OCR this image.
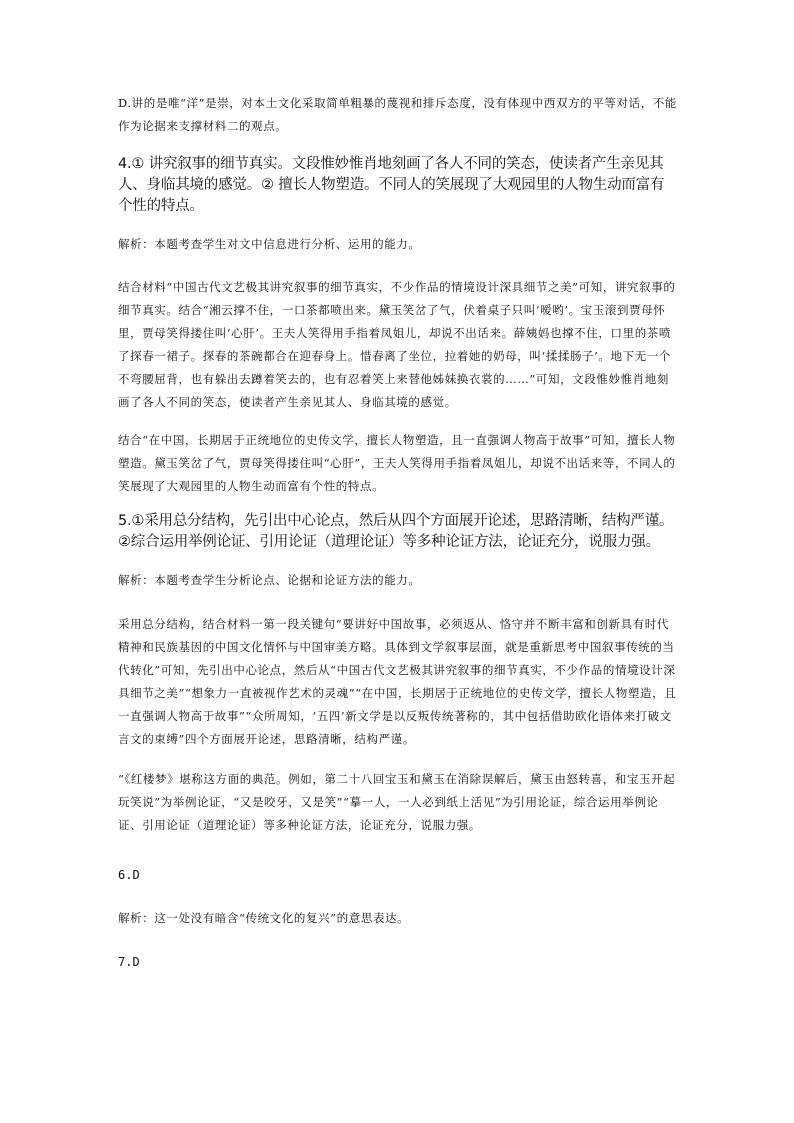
D.讲的是唯“洋”是崇，对本土文化采取简单粗暴的蔑视和排斥态度，没有体现中西双方的平等对话，不能作为论据来支撑材料二的观点。

4.① 讲究叙事的细节真实。文段惟妙惟肖地刻画了各人不同的笑态，使读者产生亲见其人、身临其境的感觉。② 擅长人物塑造。不同人的笑展现了大观园里的人物生动而富有个性的特点。

解析：本题考查学生对文中信息进行分析、运用的能力。

结合材料“中国古代文艺极其讲究叙事的细节真实，不少作品的情境设计深具细节之美”可知，讲究叙事的细节真实。结合“湘云撑不住，一口茶都喷出来。黛玉笑岔了气，伏着桌子只叫‘嗳哟’。宝玉滚到贾母怀里，贾母笑得搂住叫‘心肝’。王夫人笑得用手指着凤姐儿，却说不出话来。薛姨妈也撑不住，口里的茶喷了探春一裙子。探春的茶碗都合在迎春身上。惜春离了坐位，拉着她的奶母，叫‘揉揉肠子’。地下无一个不弯腰屈背，也有躲出去蹲着笑去的，也有忍着笑上来替他姊妹换衣裳的……”可知，文段惟妙惟肖地刻画了各人不同的笑态，使读者产生亲见其人、身临其境的感觉。

结合“在中国，长期居于正统地位的史传文学，擅长人物塑造，且一直强调人物高于故事”可知，擅长人物塑造。黛玉笑岔了气，贾母笑得搂住叫“心肝”，王夫人笑得用手指着凤姐儿，却说不出话来等，不同人的笑展现了大观园里的人物生动而富有个性的特点。

5.①采用总分结构，先引出中心论点，然后从四个方面展开论述，思路清晰，结构严谨。②综合运用举例论证、引用论证（道理论证）等多种论证方法，论证充分，说服力强。

解析：本题考查学生分析论点、论据和论证方法的能力。

采用总分结构，结合材料一第一段关键句“要讲好中国故事，必须返从、恪守并不断丰富和创新具有时代精神和民族基因的中国文化情怀与中国审美方略。具体到文学叙事层面，就是重新思考中国叙事传统的当代转化”可知，先引出中心论点，然后从“中国古代文艺极其讲究叙事的细节真实，不少作品的情境设计深具细节之美”“想象力一直被视作艺术的灵魂”“在中国，长期居于正统地位的史传文学，擅长人物塑造，且一直强调人物高于故事”“众所周知，‘五四’新文学是以反叛传统著称的，其中包括借助欧化语体来打破文言文的束缚”四个方面展开论述，思路清晰，结构严谨。

“《红楼梦》堪称这方面的典范。例如，第二十八回宝玉和黛玉在消除误解后，黛玉由怒转喜，和宝玉开起玩笑说”为举例论证，“又是咬牙，又是笑”“摹一人，一人必到纸上活见”为引用论证，综合运用举例论证、引用论证（道理论证）等多种论证方法，论证充分，说服力强。

6.D

解析：这一处没有暗含“传统文化的复兴”的意思表达。

7.D
